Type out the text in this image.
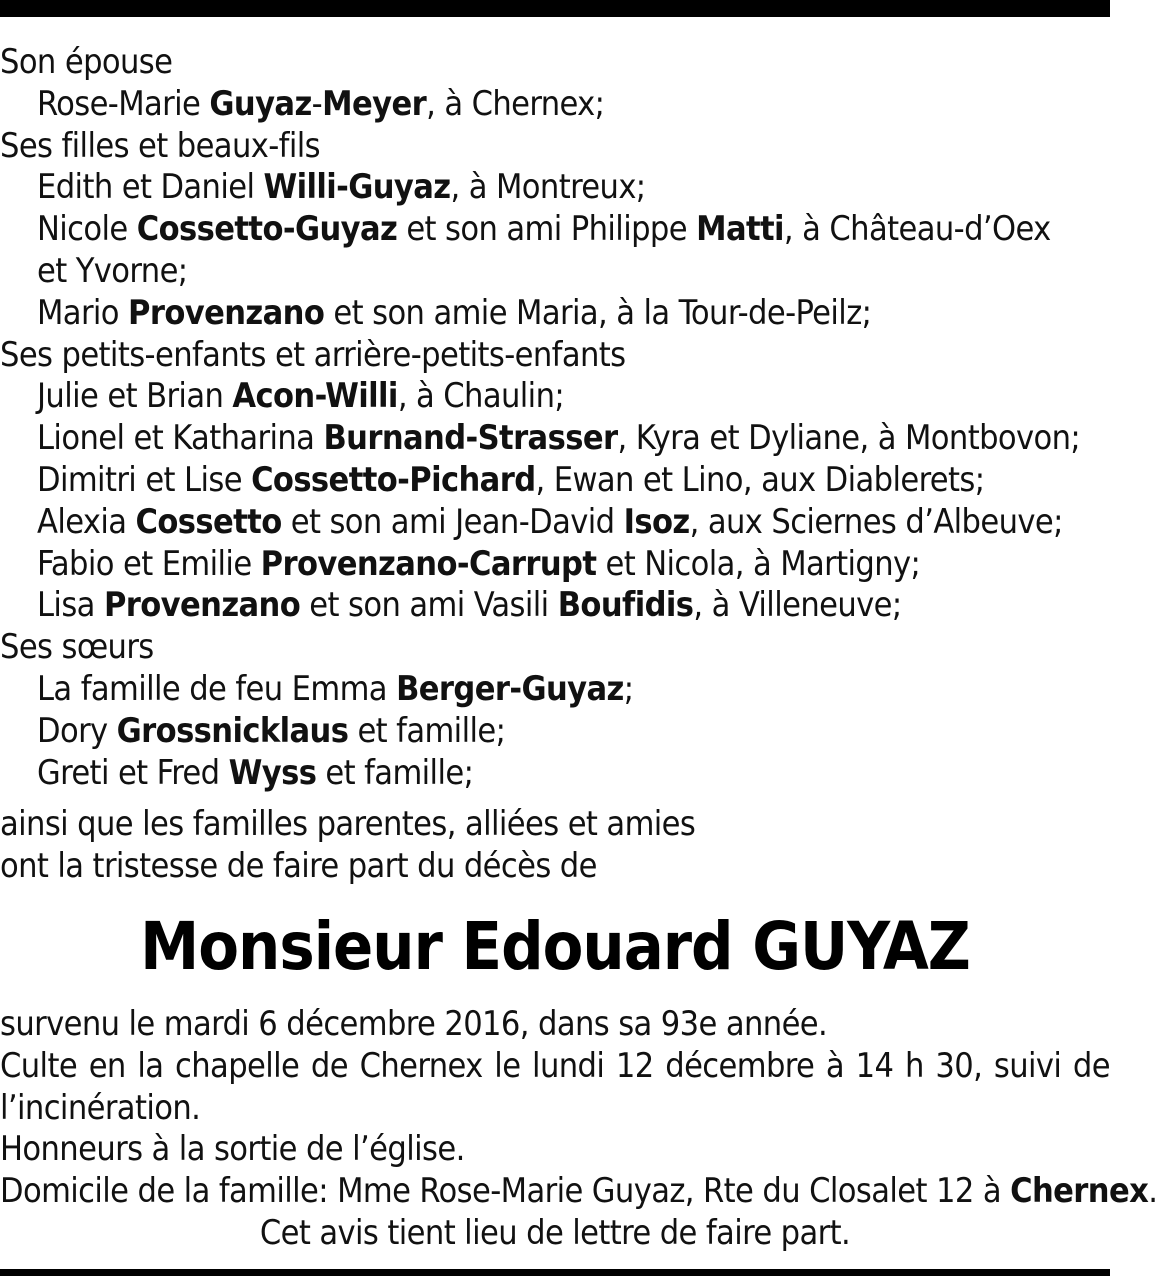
Son épouse
Rose-Marie Guyaz-Meyer, à Chernex;
Ses filles et beaux-fils
Edith et Daniel Willi-Guyaz, à Montreux;
Nicole Cossetto-Guyaz et son ami Philippe Matti, à Château-d’Oex et Yvorne;
Mario Provenzano et son amie Maria, à la Tour-de-Peilz;
Ses petits-enfants et arrière-petits-enfants
Julie et Brian Acon-Willi, à Chaulin;
Lionel et Katharina Burnand-Strasser, Kyra et Dyliane, à Montbovon;
Dimitri et Lise Cossetto-Pichard, Ewan et Lino, aux Diablerets;
Alexia Cossetto et son ami Jean-David Isoz, aux Sciernes d’Albeuve;
Fabio et Emilie Provenzano-Carrupt et Nicola, à Martigny;
Lisa Provenzano et son ami Vasili Boufidis, à Villeneuve;
Ses sœurs
La famille de feu Emma Berger-Guyaz;
Dory Grossnicklaus et famille;
Greti et Fred Wyss et famille;
ainsi que les familles parentes, alliées et amies
ont la tristesse de faire part du décès de
Monsieur Edouard GUYAZ
survenu le mardi 6 décembre 2016, dans sa 93e année.
Culte en la chapelle de Chernex le lundi 12 décembre à 14 h 30, suivi de l’incinération.
Honneurs à la sortie de l’église.
Domicile de la famille: Mme Rose-Marie Guyaz, Rte du Closalet 12 à Chernex.
Cet avis tient lieu de lettre de faire part.
